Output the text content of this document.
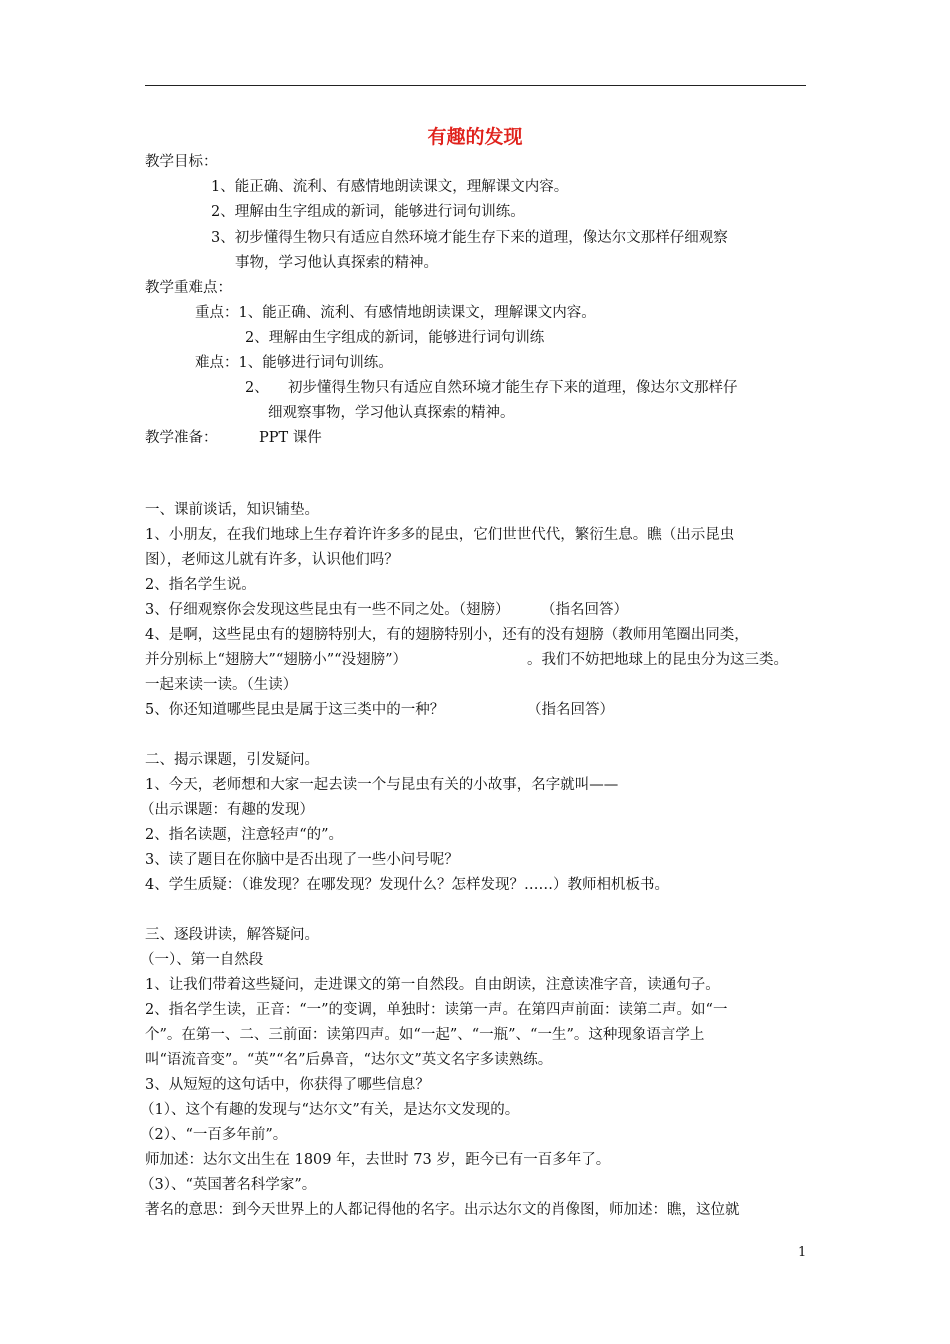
有趣的发现
教学目标：
1、能正确、流利、有感情地朗读课文，理解课文内容。
2、理解由生字组成的新词，能够进行词句训练。
3、初步懂得生物只有适应自然环境才能生存下来的道理，像达尔文那样仔细观察
事物，学习他认真探索的精神。
教学重难点：
重点：1、能正确、流利、有感情地朗读课文，理解课文内容。
2、理解由生字组成的新词，能够进行词句训练
难点：1、能够进行词句训练。
2、 初步懂得生物只有适应自然环境才能生存下来的道理，像达尔文那样仔
细观察事物，学习他认真探索的精神。
教学准备：	PPT 课件
一、课前谈话，知识铺垫。
1、小朋友，在我们地球上生存着许许多多的昆虫，它们世世代代，繁衍生息。瞧（出示昆虫
图），老师这儿就有许多，认识他们吗？
2、指名学生说。
3、仔细观察你会发现这些昆虫有一些不同之处。（翅膀） （指名回答）
4、是啊，这些昆虫有的翅膀特别大，有的翅膀特别小，还有的没有翅膀（教师用笔圈出同类，
并分别标上“翅膀大”“翅膀小”“没翅膀”）	。我们不妨把地球上的昆虫分为这三类。
一起来读一读。（生读）
5、你还知道哪些昆虫是属于这三类中的一种？	（指名回答）
二、揭示课题，引发疑问。
1、今天，老师想和大家一起去读一个与昆虫有关的小故事，名字就叫——
（出示课题：有趣的发现）
2、指名读题，注意轻声“的”。
3、读了题目在你脑中是否出现了一些小问号呢？
4、学生质疑：（谁发现？在哪发现？发现什么？怎样发现？……）教师相机板书。
三、逐段讲读，解答疑问。
（一）、第一自然段
1、让我们带着这些疑问，走进课文的第一自然段。自由朗读，注意读准字音，读通句子。
2、指名学生读，正音：“一”的变调，单独时：读第一声。在第四声前面：读第二声。如“一
个”。在第一、二、三前面：读第四声。如“一起”、“一瓶”、“一生”。这种现象语言学上
叫“语流音变”。“英”“名”后鼻音，“达尔文”英文名字多读熟练。
3、从短短的这句话中，你获得了哪些信息？
（1）、这个有趣的发现与“达尔文”有关，是达尔文发现的。
（2）、“一百多年前”。
师加述：达尔文出生在 1809 年，去世时 73 岁，距今已有一百多年了。
（3）、“英国著名科学家”。
著名的意思：到今天世界上的人都记得他的名字。出示达尔文的肖像图，师加述：瞧，这位就
1
